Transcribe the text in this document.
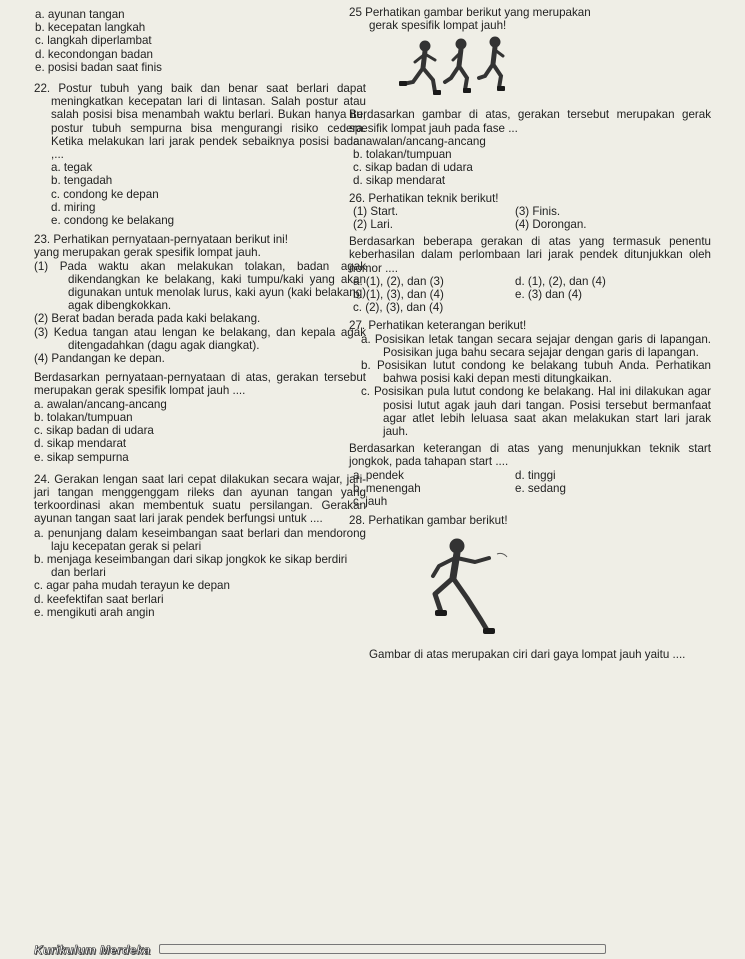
a. ayunan tangan
b. kecepatan langkah
c. langkah diperlambat
d. kecondongan badan
e. posisi badan saat finis
22. Postur tubuh yang baik dan benar saat berlari dapat meningkatkan kecepatan lari di lintasan. Salah postur atau salah posisi bisa menambah waktu berlari. Bukan hanya itu, postur tubuh sempurna bisa mengurangi risiko cedera. Ketika melakukan lari jarak pendek sebaiknya posisi badan ,...
a. tegak
b. tengadah
c. condong ke depan
d. miring
e. condong ke belakang
23. Perhatikan pernyataan-pernyataan berikut ini!
yang merupakan gerak spesifik lompat jauh.
(1) Pada waktu akan melakukan tolakan, badan agak dikendangkan ke belakang, kaki tumpu/kaki yang akan digunakan untuk menolak lurus, kaki ayun (kaki belakang) agak dibengkokkan.
(2) Berat badan berada pada kaki belakang.
(3) Kedua tangan atau lengan ke belakang, dan kepala agak ditengadahkan (dagu agak diangkat).
(4) Pandangan ke depan.
Berdasarkan pernyataan-pernyataan di atas, gerakan tersebut merupakan gerak spesifik lompat jauh ....
a. awalan/ancang-ancang
b. tolakan/tumpuan
c. sikap badan di udara
d. sikap mendarat
e. sikap sempurna
24. Gerakan lengan saat lari cepat dilakukan secara wajar, jari-jari tangan menggenggam rileks dan ayunan tangan yang terkoordinasi akan membentuk suatu persilangan. Gerakan ayunan tangan saat lari jarak pendek berfungsi untuk ....
a. penunjang dalam keseimbangan saat berlari dan mendorong laju kecepatan gerak si pelari
b. menjaga keseimbangan dari sikap jongkok ke sikap berdiri dan berlari
c. agar paha mudah terayun ke depan
d. keefektifan saat berlari
e. mengikuti arah angin
25 Perhatikan gambar berikut yang merupakan
gerak spesifik lompat jauh!
Berdasarkan gambar di atas, gerakan tersebut merupakan gerak spesifik lompat jauh pada fase ...
a. awalan/ancang-ancang
b. tolakan/tumpuan
c. sikap badan di udara
d. sikap mendarat
26. Perhatikan teknik berikut!
(1) Start.	(3) Finis.
(2) Lari.	(4) Dorongan.
Berdasarkan beberapa gerakan di atas yang termasuk penentu keberhasilan dalam perlombaan lari jarak pendek ditunjukkan oleh nomor ....
a. (1), (2), dan (3)	d. (1), (2), dan (4)
b. (1), (3), dan (4)	e. (3) dan (4)
c. (2), (3), dan (4)
27. Perhatikan keterangan berikut!
a. Posisikan letak tangan secara sejajar dengan garis di lapangan. Posisikan juga bahu secara sejajar dengan garis di lapangan.
b. Posisikan lutut condong ke belakang tubuh Anda. Perhatikan bahwa posisi kaki depan mesti ditungkaikan.
c. Posisikan pula lutut condong ke belakang. Hal ini dilakukan agar posisi lutut agak jauh dari tangan. Posisi tersebut bermanfaat agar atlet lebih leluasa saat akan melakukan start lari jarak jauh.
Berdasarkan keterangan di atas yang menunjukkan teknik start jongkok, pada tahapan start ....
a. pendek	d. tinggi
b. menengah	e. sedang
c. jauh
28. Perhatikan gambar berikut!
Gambar di atas merupakan ciri dari gaya lompat jauh yaitu ....
Kurikulum Merdeka
